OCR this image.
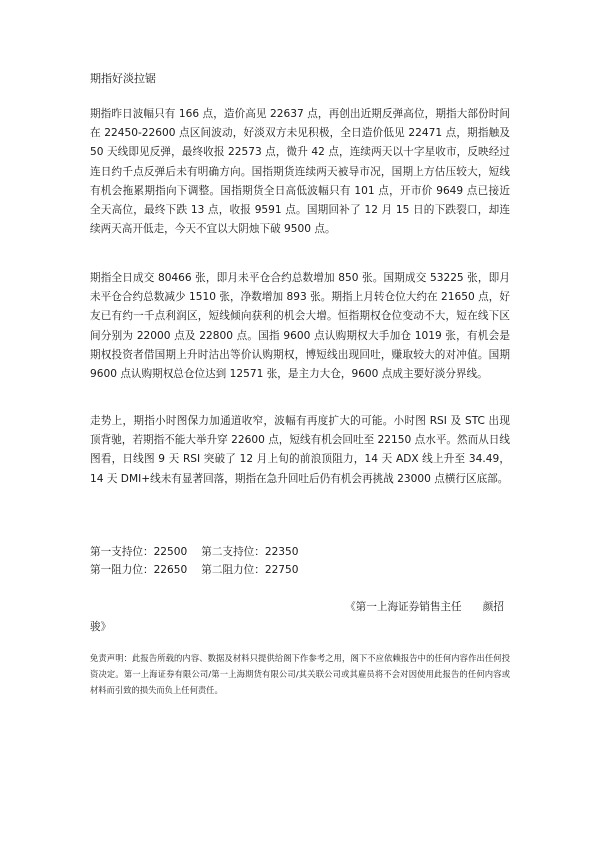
期指好淡拉锯

期指昨日波幅只有 166 点，造价高见 22637 点，再创出近期反弹高位，期指大部份时间在 22450-22600 点区间波动，好淡双方未见积极，全日造价低见 22471 点，期指触及 50 天线即见反弹，最终收报 22573 点，微升 42 点，连续两天以十字星收市，反映经过连日约千点反弹后未有明确方向。国指期货连续两天被导市况，国期上方估压较大，短线有机会拖累期指向下调整。国指期货全日高低波幅只有 101 点，开市价 9649 点已接近全天高位，最终下跌 13 点，收报 9591 点。国期回补了 12 月 15 日的下跌裂口，却连续两天高开低走，今天不宜以大阴烛下破 9500 点。

期指全日成交 80466 张，即月未平仓合约总数增加 850 张。国期成交 53225 张，即月未平仓合约总数减少 1510 张，净数增加 893 张。期指上月转仓位大约在 21650 点，好友已有约一千点利润区，短线倾向获利的机会大增。恒指期权仓位变动不大，短在线下区间分别为 22000 点及 22800 点。国指 9600 点认购期权大手加仓 1019 张，有机会是期权投资者借国期上升时沽出等价认购期权，博短线出现回吐，赚取较大的对冲值。国期 9600 点认购期权总仓位达到 12571 张，是主力大仓，9600 点成主要好淡分界线。

走势上，期指小时图保力加通道收窄，波幅有再度扩大的可能。小时图 RSI 及 STC 出现顶背驰，若期指不能大举升穿 22600 点，短线有机会回吐至 22150 点水平。然而从日线图看，日线图 9 天 RSI 突破了 12 月上旬的前浪顶阻力，14 天 ADX 线上升至 34.49，14 天 DMI+线未有显著回落，期指在急升回吐后仍有机会再挑战 23000 点横行区底部。

第一支持位：22500 第二支持位：22350
第一阻力位：22650 第二阻力位：22750
《第一上海证券销售主任　　颜招
骏》

免责声明：此报告所载的内容、数据及材料只提供给阁下作参考之用，阁下不应依赖报告中的任何内容作出任何投资决定。第一上海证券有限公司/第一上海期货有限公司/其关联公司或其雇员将不会对因使用此报告的任何内容或材料而引致的损失而负上任何责任。
